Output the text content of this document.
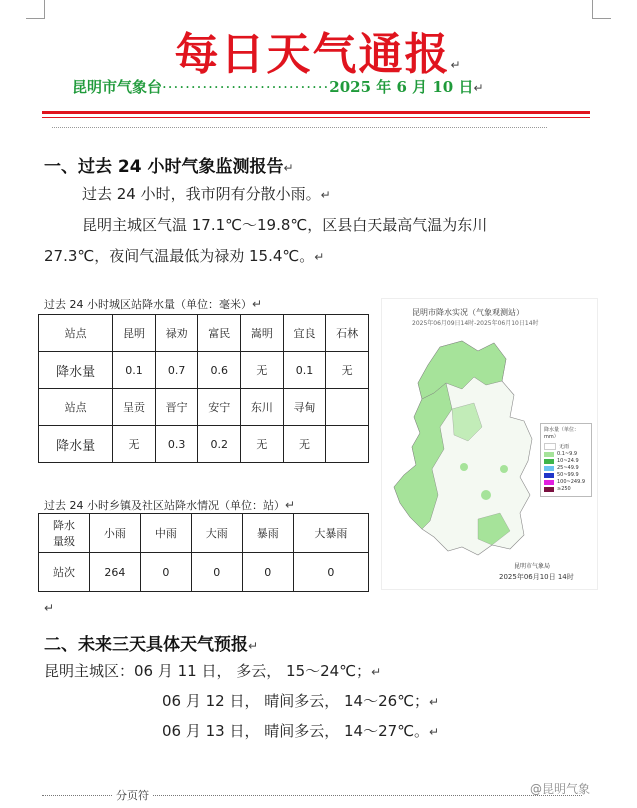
每日天气通报↵
昆明市气象台·····························2025 年 6 月 10 日↵
一、过去 24 小时气象监测报告↵
过去 24 小时，我市阴有分散小雨。↵
昆明主城区气温 17.1℃～19.8℃，区县白天最高气温为东川
27.3℃，夜间气温最低为禄劝 15.4℃。↵
过去 24 小时城区站降水量（单位：毫米）↵
站点	昆明	禄劝	富民	嵩明	宜良	石林
降水量	0.1	0.7	0.6	无	0.1	无
站点	呈贡	晋宁	安宁	东川	寻甸	
降水量	无	0.3	0.2	无	无	
过去 24 小时乡镇及社区站降水情况（单位：站）↵
降水
量级	小雨	中雨	大雨	暴雨	大暴雨
站次	264	0	0	0	0
昆明市降水实况（气象观测站）
2025年06月09日14时-2025年06月10日14时
降水量（单位：mm）
无雨
0.1~9.9
10~24.9
25~49.9
50~99.9
100~249.9
≥250
昆明市气象局
2025年06月10日 14时
↵
二、未来三天具体天气预报↵
昆明主城区：06 月 11 日， 多云， 15～24℃；↵
06 月 12 日， 晴间多云， 14～26℃；↵
06 月 13 日， 晴间多云， 14～27℃。↵
分页符	@昆明气象
